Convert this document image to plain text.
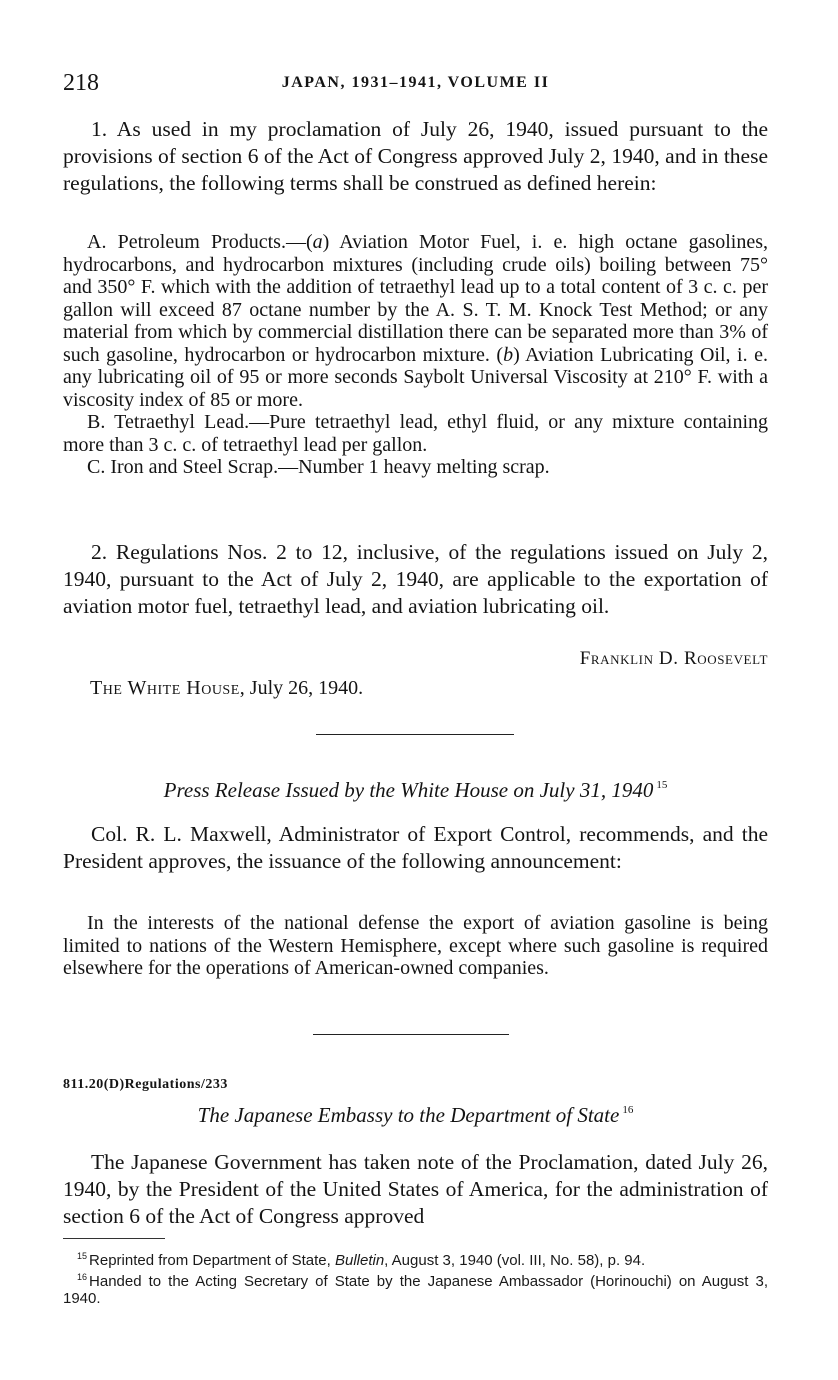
218	JAPAN, 1931–1941, VOLUME II

1. As used in my proclamation of July 26, 1940, issued pursuant to the provisions of section 6 of the Act of Congress approved July 2, 1940, and in these regulations, the following terms shall be construed as defined herein:

A. Petroleum Products.—(a) Aviation Motor Fuel, i. e. high octane gasolines, hydrocarbons, and hydrocarbon mixtures (including crude oils) boiling between 75° and 350° F. which with the addition of tetraethyl lead up to a total content of 3 c. c. per gallon will exceed 87 octane number by the A. S. T. M. Knock Test Method; or any material from which by commercial distillation there can be separated more than 3% of such gasoline, hydrocarbon or hydrocarbon mixture. (b) Aviation Lubricating Oil, i. e. any lubricating oil of 95 or more seconds Saybolt Universal Viscosity at 210° F. with a viscosity index of 85 or more.

B. Tetraethyl Lead.—Pure tetraethyl lead, ethyl fluid, or any mixture containing more than 3 c. c. of tetraethyl lead per gallon.

C. Iron and Steel Scrap.—Number 1 heavy melting scrap.

2. Regulations Nos. 2 to 12, inclusive, of the regulations issued on July 2, 1940, pursuant to the Act of July 2, 1940, are applicable to the exportation of aviation motor fuel, tetraethyl lead, and aviation lubricating oil.

Franklin D. Roosevelt
The White House, July 26, 1940.
Press Release Issued by the White House on July 31, 1940 $^{15}$

Col. R. L. Maxwell, Administrator of Export Control, recommends, and the President approves, the issuance of the following announcement:

In the interests of the national defense the export of aviation gasoline is being limited to nations of the Western Hemisphere, except where such gasoline is required elsewhere for the operations of American-owned companies.

811.20(D)Regulations/233
The Japanese Embassy to the Department of State $^{16}$

The Japanese Government has taken note of the Proclamation, dated July 26, 1940, by the President of the United States of America, for the administration of section 6 of the Act of Congress approved

$^{15}$ Reprinted from Department of State, Bulletin, August 3, 1940 (vol. III, No. 58), p. 94.

$^{16}$ Handed to the Acting Secretary of State by the Japanese Ambassador (Horinouchi) on August 3, 1940.
